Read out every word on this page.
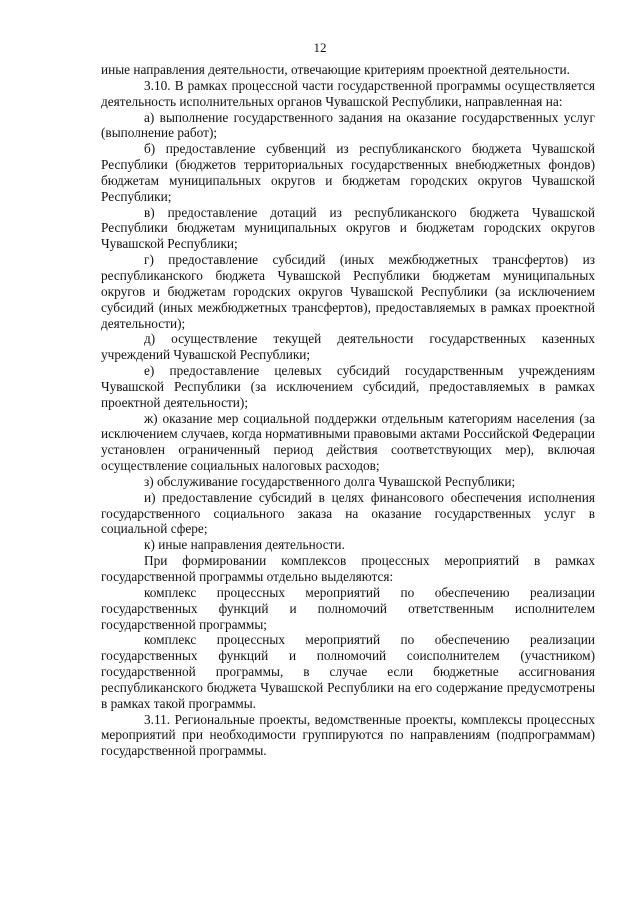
12

иные направления деятельности, отвечающие критериям проектной деятельности.

3.10. В рамках процессной части государственной программы осуществляется деятельность исполнительных органов Чувашской Республики, направленная на:

а) выполнение государственного задания на оказание государственных услуг (выполнение работ);

б) предоставление субвенций из республиканского бюджета Чувашской Республики (бюджетов территориальных государственных внебюджетных фондов) бюджетам муниципальных округов и бюджетам городских округов Чувашской Республики;

в) предоставление дотаций из республиканского бюджета Чувашской Республики бюджетам муниципальных округов и бюджетам городских округов Чувашской Республики;

г) предоставление субсидий (иных межбюджетных трансфертов) из республиканского бюджета Чувашской Республики бюджетам муниципальных округов и бюджетам городских округов Чувашской Республики (за исключением субсидий (иных межбюджетных трансфертов), предоставляемых в рамках проектной деятельности);

д) осуществление текущей деятельности государственных казенных учреждений Чувашской Республики;

е) предоставление целевых субсидий государственным учреждениям Чувашской Республики (за исключением субсидий, предоставляемых в рамках проектной деятельности);

ж) оказание мер социальной поддержки отдельным категориям населения (за исключением случаев, когда нормативными правовыми актами Российской Федерации установлен ограниченный период действия соответствующих мер), включая осуществление социальных налоговых расходов;

з) обслуживание государственного долга Чувашской Республики;

и) предоставление субсидий в целях финансового обеспечения исполнения государственного социального заказа на оказание государственных услуг в социальной сфере;

к) иные направления деятельности.

При формировании комплексов процессных мероприятий в рамках государственной программы отдельно выделяются:

комплекс процессных мероприятий по обеспечению реализации государственных функций и полномочий ответственным исполнителем государственной программы;

комплекс процессных мероприятий по обеспечению реализации государственных функций и полномочий соисполнителем (участником) государственной программы, в случае если бюджетные ассигнования республиканского бюджета Чувашской Республики на его содержание предусмотрены в рамках такой программы.

3.11. Региональные проекты, ведомственные проекты, комплексы процессных мероприятий при необходимости группируются по направлениям (подпрограммам) государственной программы.
